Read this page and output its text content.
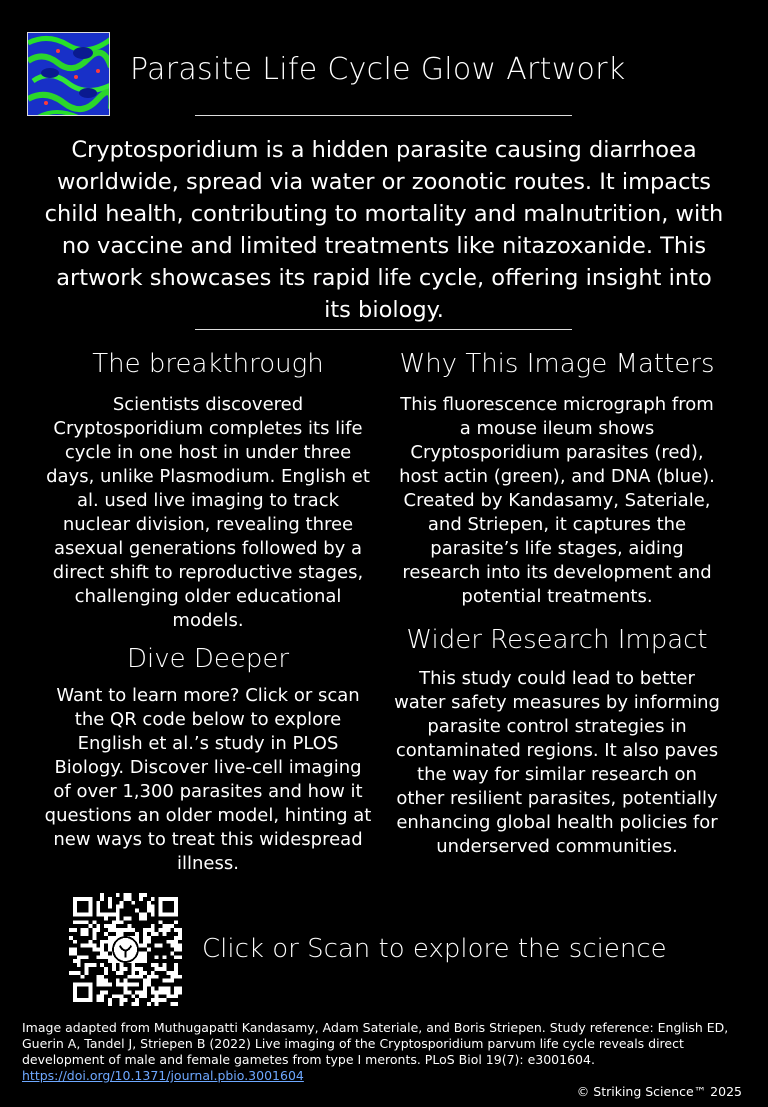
Parasite Life Cycle Glow Artwork
Cryptosporidium is a hidden parasite causing diarrhoea worldwide, spread via water or zoonotic routes. It impacts child health, contributing to mortality and malnutrition, with no vaccine and limited treatments like nitazoxanide. This artwork showcases its rapid life cycle, offering insight into its biology.
The breakthrough

Scientists discovered Cryptosporidium completes its life cycle in one host in under three days, unlike Plasmodium. English et al. used live imaging to track nuclear division, revealing three asexual generations followed by a direct shift to reproductive stages, challenging older educational models.

Why This Image Matters

This fluorescence micrograph from a mouse ileum shows Cryptosporidium parasites (red), host actin (green), and DNA (blue). Created by Kandasamy, Sateriale, and Striepen, it captures the parasite’s life stages, aiding research into its development and potential treatments.

Dive Deeper

Want to learn more? Click or scan the QR code below to explore English et al.’s study in PLOS Biology. Discover live-cell imaging of over 1,300 parasites and how it questions an older model, hinting at new ways to treat this widespread illness.

Wider Research Impact

This study could lead to better water safety measures by informing parasite control strategies in contaminated regions. It also paves the way for similar research on other resilient parasites, potentially enhancing global health policies for underserved communities.

Click or Scan to explore the science
Image adapted from Muthugapatti Kandasamy, Adam Sateriale, and Boris Striepen. Study reference: English ED, Guerin A, Tandel J, Striepen B (2022) Live imaging of the Cryptosporidium parvum life cycle reveals direct development of male and female gametes from type I meronts. PLoS Biol 19(7): e3001604.
https://doi.org/10.1371/journal.pbio.3001604
© Striking Science™ 2025
